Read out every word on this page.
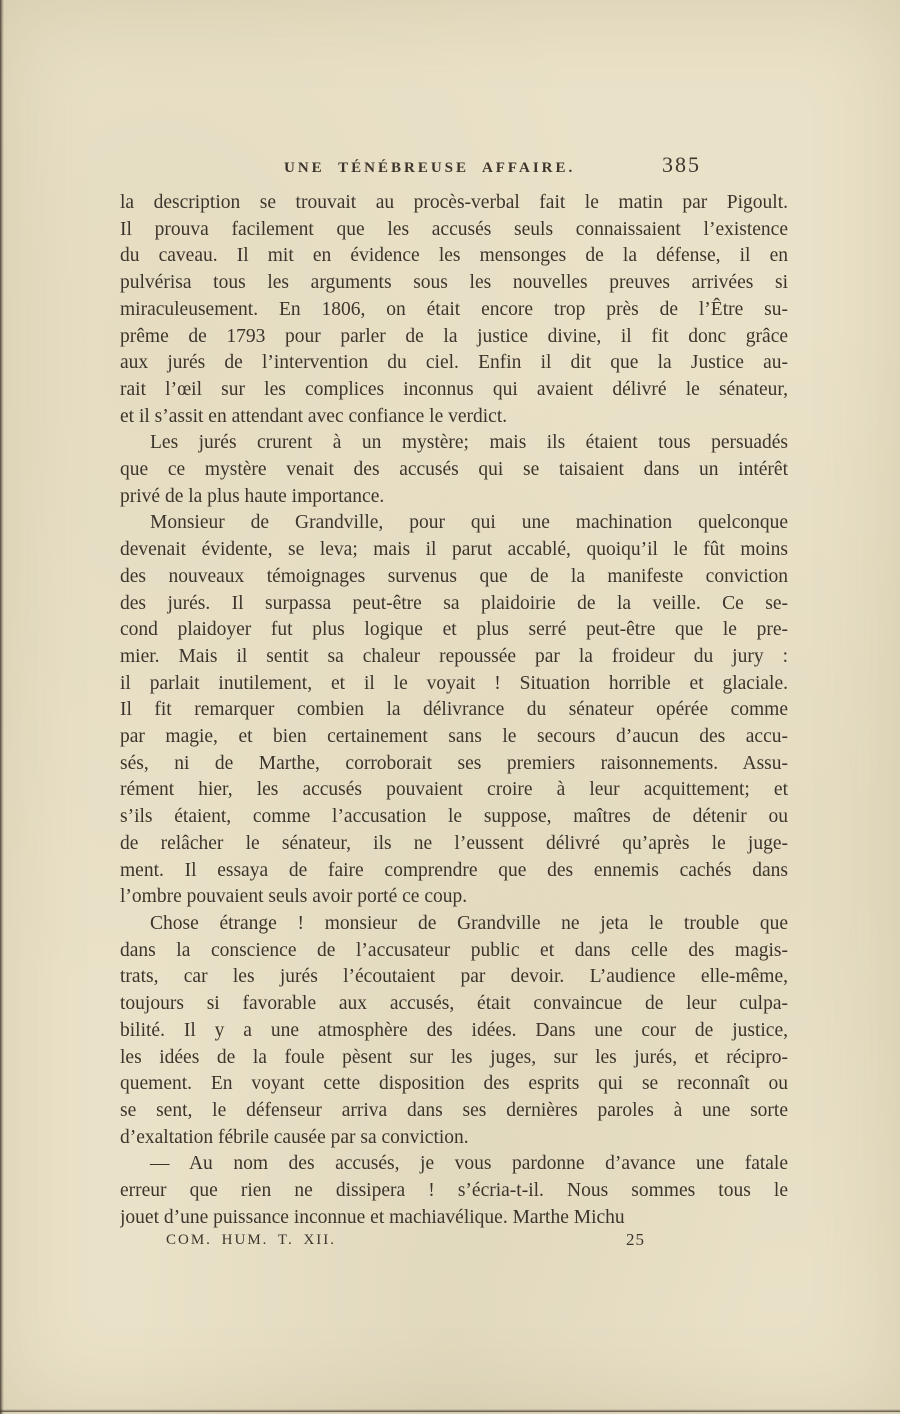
UNE TÉNÉBREUSE AFFAIRE.	385
la description se trouvait au procès-verbal fait le matin par Pigoult.
Il prouva facilement que les accusés seuls connaissaient l’existence
du caveau. Il mit en évidence les mensonges de la défense, il en
pulvérisa tous les arguments sous les nouvelles preuves arrivées si
miraculeusement. En 1806, on était encore trop près de l’Être su-
prême de 1793 pour parler de la justice divine, il fit donc grâce
aux jurés de l’intervention du ciel. Enfin il dit que la Justice au-
rait l’œil sur les complices inconnus qui avaient délivré le sénateur,
et il s’assit en attendant avec confiance le verdict.
Les jurés crurent à un mystère; mais ils étaient tous persuadés
que ce mystère venait des accusés qui se taisaient dans un intérêt
privé de la plus haute importance.
Monsieur de Grandville, pour qui une machination quelconque
devenait évidente, se leva; mais il parut accablé, quoiqu’il le fût moins
des nouveaux témoignages survenus que de la manifeste conviction
des jurés. Il surpassa peut-être sa plaidoirie de la veille. Ce se-
cond plaidoyer fut plus logique et plus serré peut-être que le pre-
mier. Mais il sentit sa chaleur repoussée par la froideur du jury :
il parlait inutilement, et il le voyait ! Situation horrible et glaciale.
Il fit remarquer combien la délivrance du sénateur opérée comme
par magie, et bien certainement sans le secours d’aucun des accu-
sés, ni de Marthe, corroborait ses premiers raisonnements. Assu-
rément hier, les accusés pouvaient croire à leur acquittement; et
s’ils étaient, comme l’accusation le suppose, maîtres de détenir ou
de relâcher le sénateur, ils ne l’eussent délivré qu’après le juge-
ment. Il essaya de faire comprendre que des ennemis cachés dans
l’ombre pouvaient seuls avoir porté ce coup.
Chose étrange ! monsieur de Grandville ne jeta le trouble que
dans la conscience de l’accusateur public et dans celle des magis-
trats, car les jurés l’écoutaient par devoir. L’audience elle-même,
toujours si favorable aux accusés, était convaincue de leur culpa-
bilité. Il y a une atmosphère des idées. Dans une cour de justice,
les idées de la foule pèsent sur les juges, sur les jurés, et récipro-
quement. En voyant cette disposition des esprits qui se reconnaît ou
se sent, le défenseur arriva dans ses dernières paroles à une sorte
d’exaltation fébrile causée par sa conviction.
— Au nom des accusés, je vous pardonne d’avance une fatale
erreur que rien ne dissipera ! s’écria-t-il. Nous sommes tous le
jouet d’une puissance inconnue et machiavélique. Marthe Michu
COM. HUM. T. XII.	25
